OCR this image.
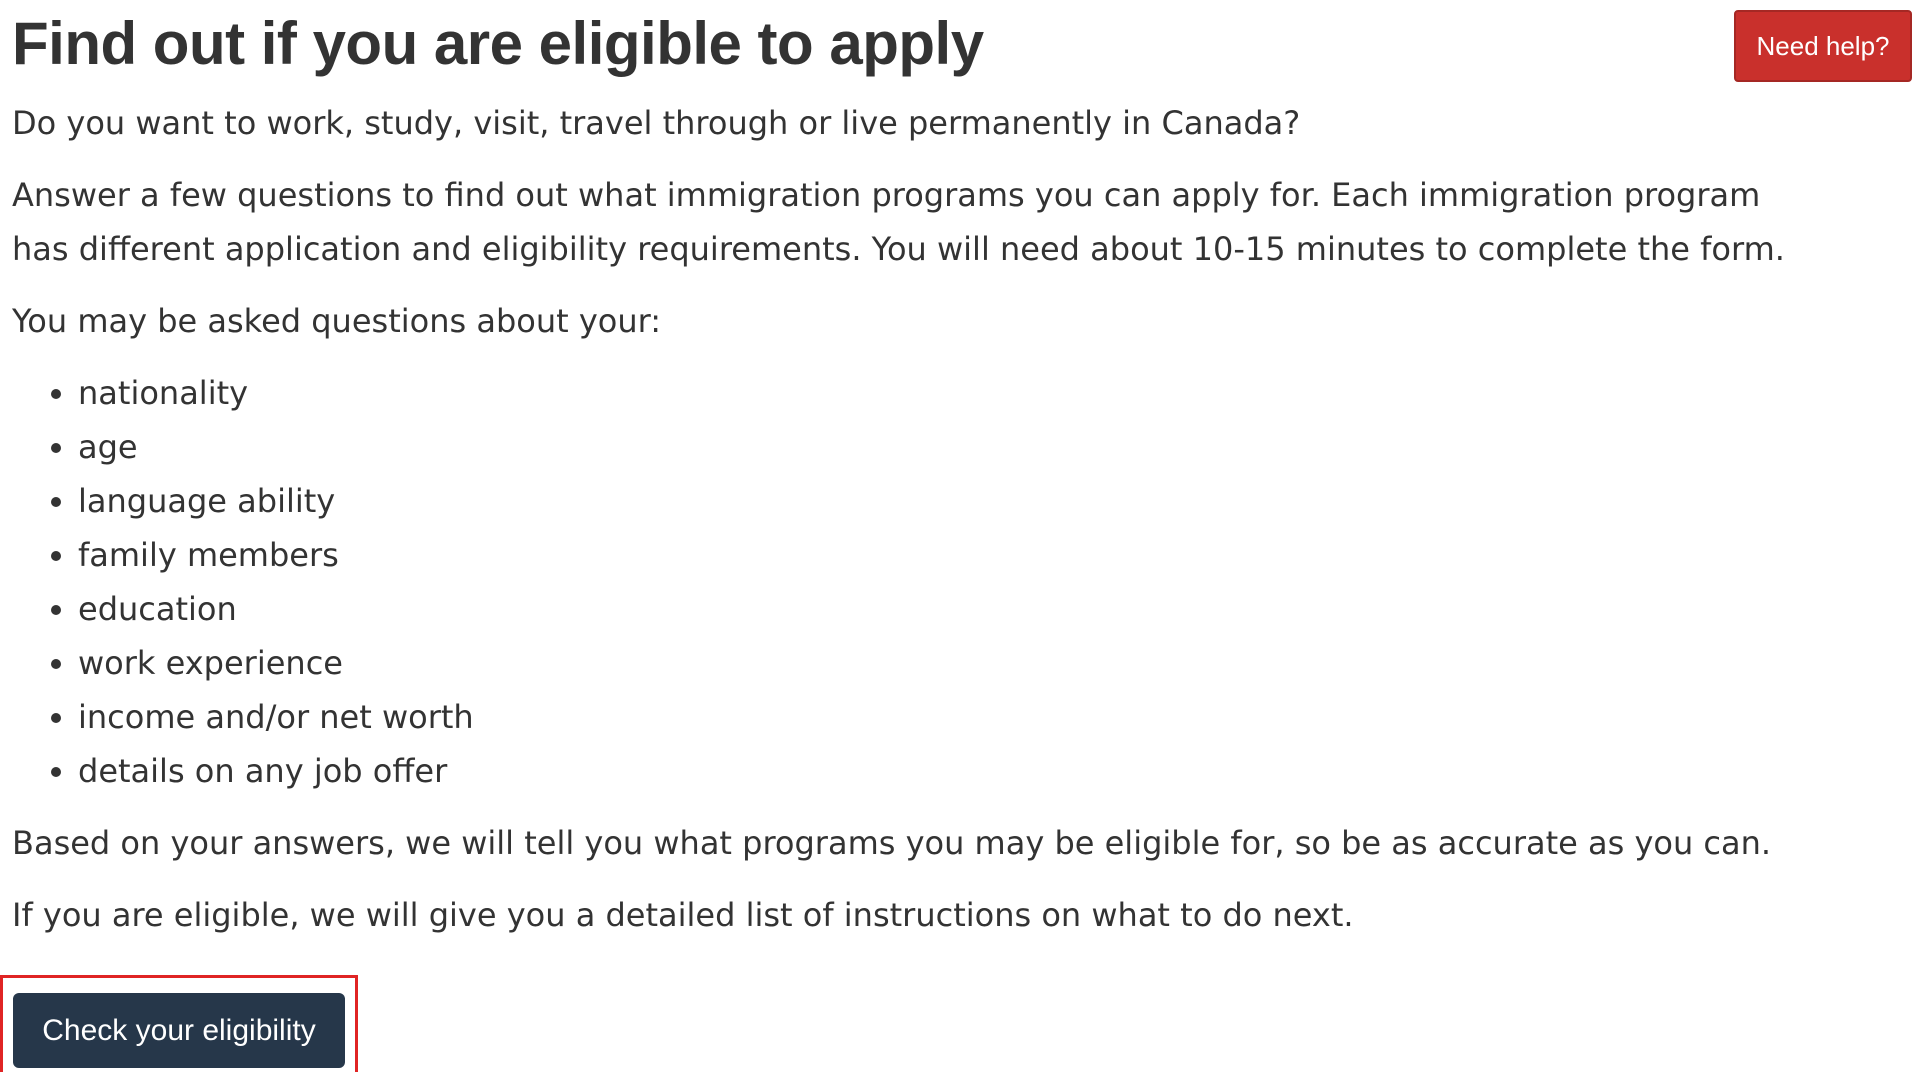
Find out if you are eligible to apply	Need help?

Do you want to work, study, visit, travel through or live permanently in Canada?

Answer a few questions to find out what immigration programs you can apply for. Each immigration program has different application and eligibility requirements. You will need about 10-15 minutes to complete the form.

You may be asked questions about your:

• nationality
• age
• language ability
• family members
• education
• work experience
• income and/or net worth
• details on any job offer

Based on your answers, we will tell you what programs you may be eligible for, so be as accurate as you can.

If you are eligible, we will give you a detailed list of instructions on what to do next.

Check your eligibility
